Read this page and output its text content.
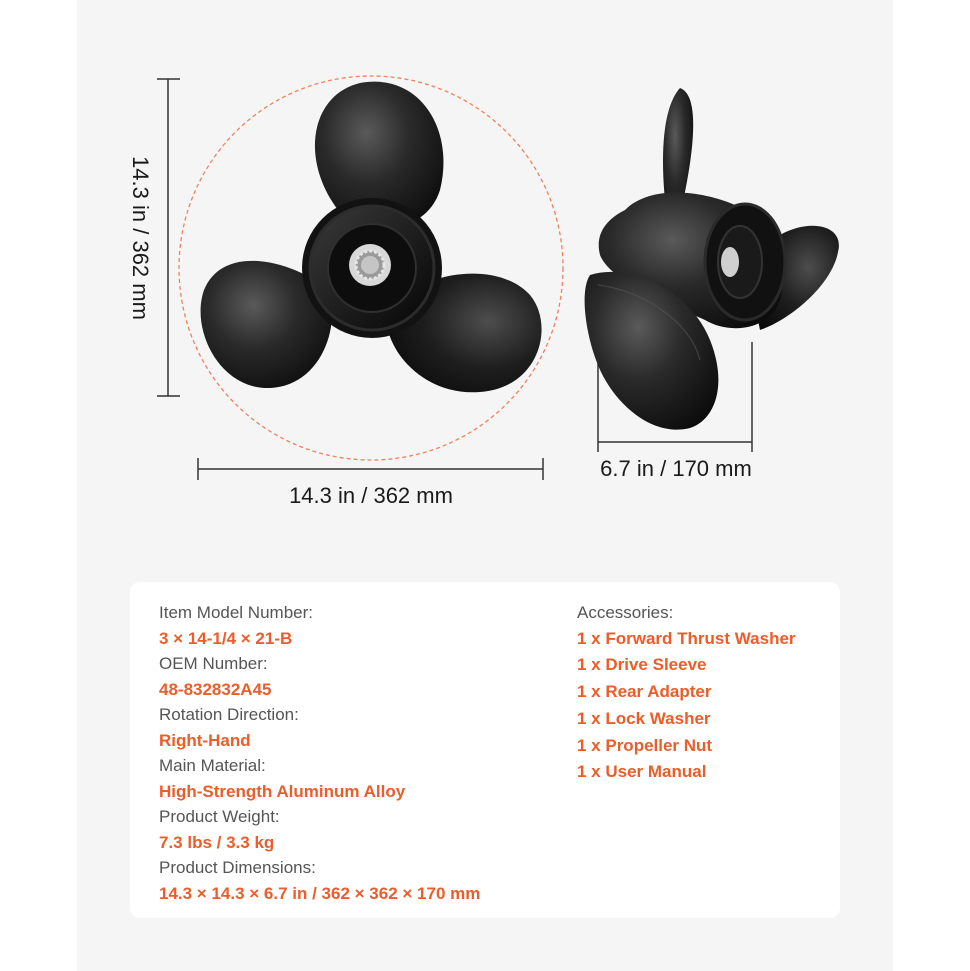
14.3 in / 362 mm
14.3 in / 362 mm
6.7 in / 170 mm
Item Model Number:
3 × 14-1/4 × 21-B
OEM Number:
48-832832A45
Rotation Direction:
Right-Hand
Main Material:
High-Strength Aluminum Alloy
Product Weight:
7.3 lbs / 3.3 kg
Product Dimensions:
14.3 × 14.3 × 6.7 in / 362 × 362 × 170 mm
Accessories:
1 x Forward Thrust Washer
1 x Drive Sleeve
1 x Rear Adapter
1 x Lock Washer
1 x Propeller Nut
1 x User Manual
